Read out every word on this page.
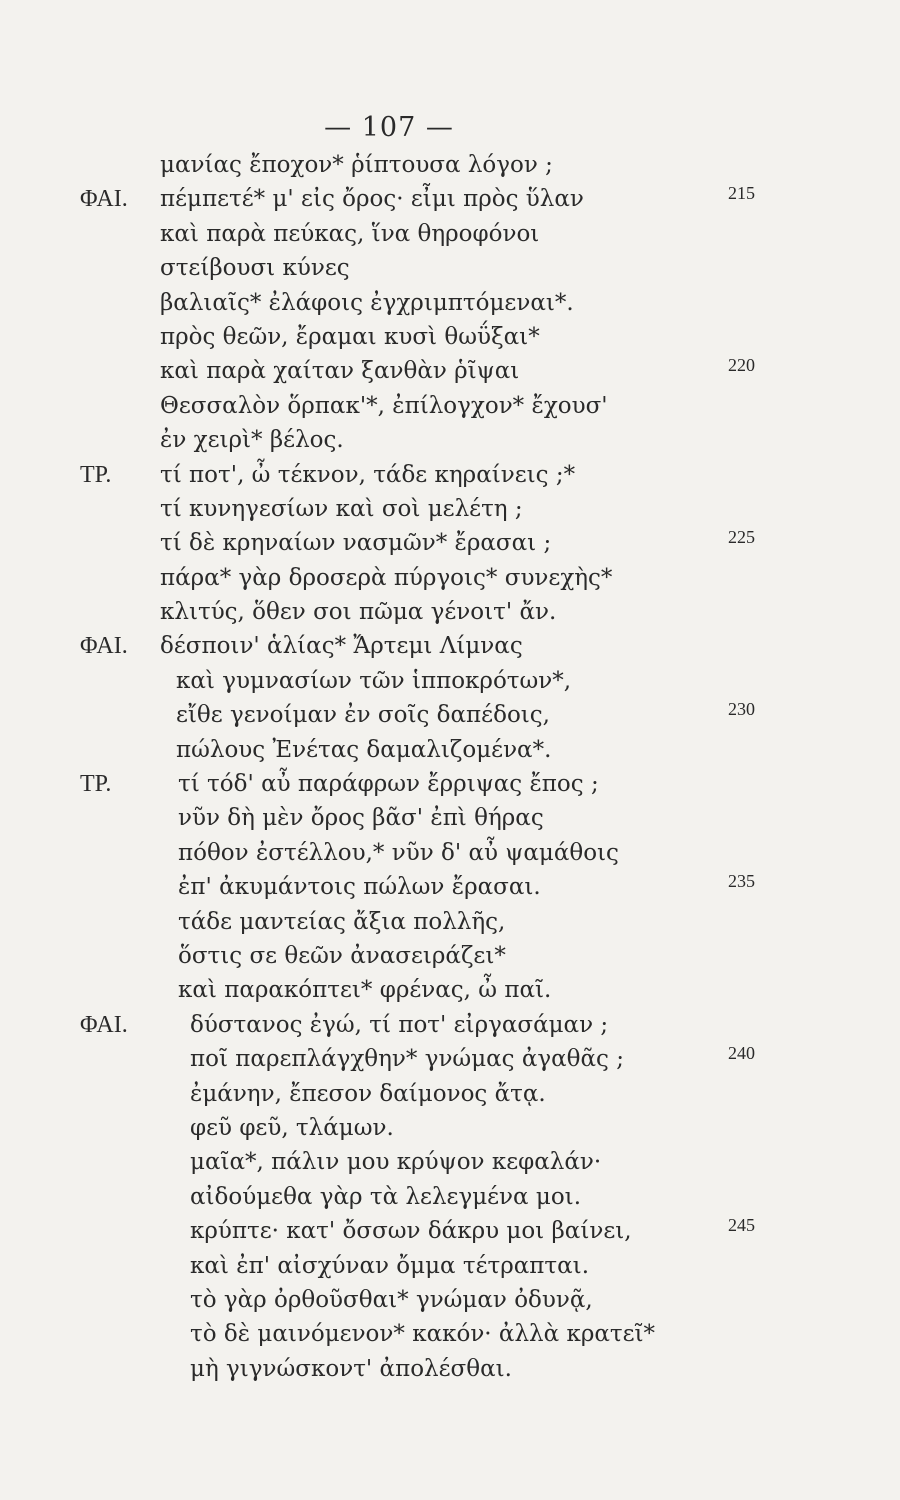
— 107 —
μανίας ἔποχον* ῥίπτουσα λόγον ;
ΦΑΙ. πέμπετέ* μ' εἰς ὄρος· εἶμι πρὸς ὕλαν	215
καὶ παρὰ πεύκας, ἵνα θηροφόνοι
στείβουσι κύνες
βαλιαῖς* ἐλάφοις ἐγχριμπτόμεναι*.
πρὸς θεῶν, ἔραμαι κυσὶ θωΰξαι*
καὶ παρὰ χαίταν ξανθὰν ῥῖψαι	220
Θεσσαλὸν ὅρπακ'*, ἐπίλογχον* ἔχουσ'
ἐν χειρὶ* βέλος.
ΤΡ. τί ποτ', ὦ τέκνον, τάδε κηραίνεις ;*
τί κυνηγεσίων καὶ σοὶ μελέτη ;
τί δὲ κρηναίων νασμῶν* ἔρασαι ;	225
πάρα* γὰρ δροσερὰ πύργοις* συνεχὴς*
κλιτύς, ὅθεν σοι πῶμα γένοιτ' ἄν.
ΦΑΙ. δέσποιν' ἁλίας* Ἄρτεμι Λίμνας
καὶ γυμνασίων τῶν ἱπποκρότων*,
εἴθε γενοίμαν ἐν σοῖς δαπέδοις,	230
πώλους Ἐνέτας δαμαλιζομένα*.
ΤΡ.	τί τόδ' αὖ παράφρων ἔρριψας ἔπος ;
νῦν δὴ μὲν ὄρος βᾶσ' ἐπὶ θήρας
πόθον ἐστέλλου,* νῦν δ' αὖ ψαμάθοις
ἐπ' ἀκυμάντοις πώλων ἔρασαι.	235
τάδε μαντείας ἄξια πολλῆς,
ὅστις σε θεῶν ἀνασειράζει*
καὶ παρακόπτει* φρένας, ὦ παῖ.
ΦΑΙ.	δύστανος ἐγώ, τί ποτ' εἰργασάμαν ;
ποῖ παρεπλάγχθην* γνώμας ἀγαθᾶς ;	240
ἐμάνην, ἔπεσον δαίμονος ἄτᾳ.
φεῦ φεῦ, τλάμων.
μαῖα*, πάλιν μου κρύψον κεφαλάν·
αἰδούμεθα γὰρ τὰ λελεγμένα μοι.
κρύπτε· κατ' ὄσσων δάκρυ μοι βαίνει,	245
καὶ ἐπ' αἰσχύναν ὄμμα τέτραπται.
τὸ γὰρ ὀρθοῦσθαι* γνώμαν ὀδυνᾷ,
τὸ δὲ μαινόμενον* κακόν· ἀλλὰ κρατεῖ*
μὴ γιγνώσκοντ' ἀπολέσθαι.
